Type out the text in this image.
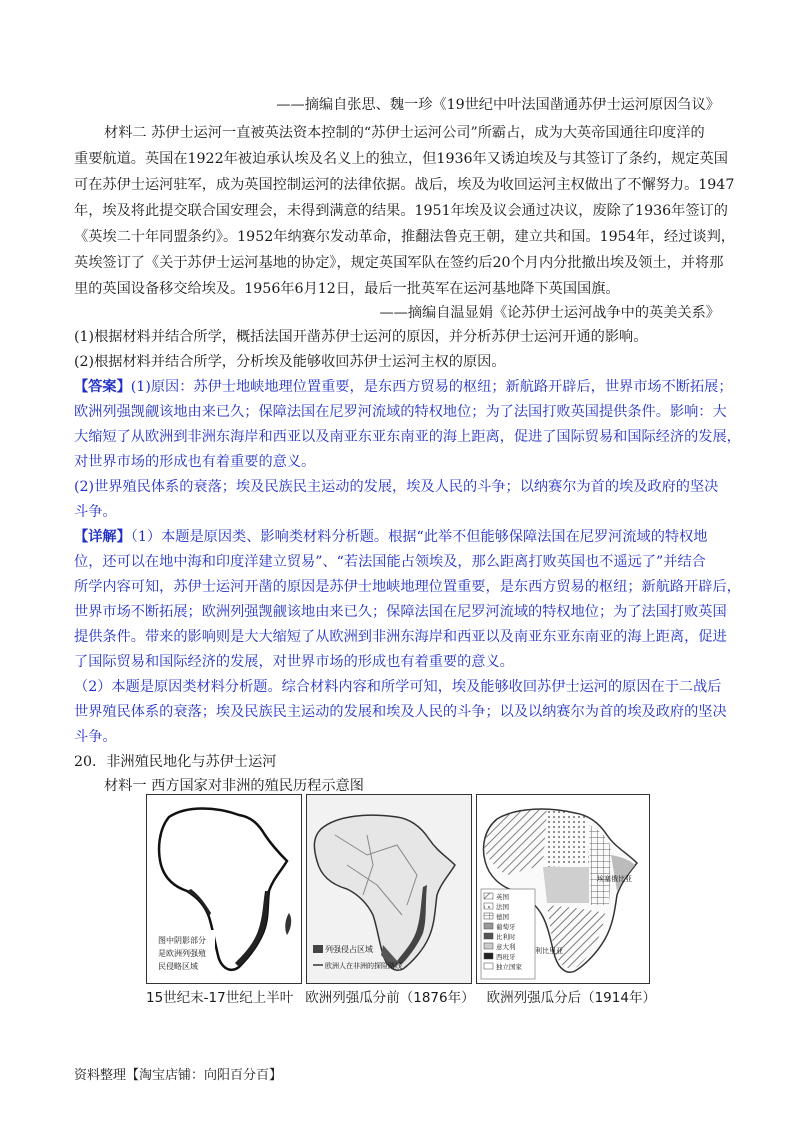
——摘编自张思、魏一珍《19世纪中叶法国凿通苏伊士运河原因刍议》
材料二 苏伊士运河一直被英法资本控制的“苏伊士运河公司”所霸占，成为大英帝国通往印度洋的
重要航道。英国在1922年被迫承认埃及名义上的独立，但1936年又诱迫埃及与其签订了条约，规定英国
可在苏伊士运河驻军，成为英国控制运河的法律依据。战后，埃及为收回运河主权做出了不懈努力。1947
年，埃及将此提交联合国安理会，未得到满意的结果。1951年埃及议会通过决议，废除了1936年签订的
《英埃二十年同盟条约》。1952年纳赛尔发动革命，推翻法鲁克王朝，建立共和国。1954年，经过谈判，
英埃签订了《关于苏伊士运河基地的协定》，规定英国军队在签约后20个月内分批撤出埃及领土，并将那
里的英国设备移交给埃及。1956年6月12日，最后一批英军在运河基地降下英国国旗。
——摘编自温显娟《论苏伊士运河战争中的英美关系》
(1)根据材料并结合所学，概括法国开凿苏伊士运河的原因，并分析苏伊士运河开通的影响。
(2)根据材料并结合所学，分析埃及能够收回苏伊士运河主权的原因。
【答案】(1)原因：苏伊士地峡地理位置重要，是东西方贸易的枢纽；新航路开辟后，世界市场不断拓展；
欧洲列强觊觎该地由来已久；保障法国在尼罗河流域的特权地位；为了法国打败英国提供条件。影响：大
大缩短了从欧洲到非洲东海岸和西亚以及南亚东亚东南亚的海上距离，促进了国际贸易和国际经济的发展，
对世界市场的形成也有着重要的意义。
(2)世界殖民体系的衰落；埃及民族民主运动的发展，埃及人民的斗争；以纳赛尔为首的埃及政府的坚决
斗争。
【详解】（1）本题是原因类、影响类材料分析题。根据“此举不但能够保障法国在尼罗河流域的特权地
位，还可以在地中海和印度洋建立贸易”、“若法国能占领埃及，那么距离打败英国也不遥远了”并结合
所学内容可知，苏伊士运河开凿的原因是苏伊士地峡地理位置重要，是东西方贸易的枢纽；新航路开辟后，
世界市场不断拓展；欧洲列强觊觎该地由来已久；保障法国在尼罗河流域的特权地位；为了法国打败英国
提供条件。带来的影响则是大大缩短了从欧洲到非洲东海岸和西亚以及南亚东亚东南亚的海上距离，促进
了国际贸易和国际经济的发展，对世界市场的形成也有着重要的意义。
（2）本题是原因类材料分析题。综合材料内容和所学可知，埃及能够收回苏伊士运河的原因在于二战后
世界殖民体系的衰落；埃及民族民主运动的发展和埃及人民的斗争；以及以纳赛尔为首的埃及政府的坚决
斗争。
20．非洲殖民地化与苏伊士运河
材料一 西方国家对非洲的殖民历程示意图
图中阴影部分
是欧洲列强殖
民侵略区域
列强侵占区域
欧洲人在非洲的探险路线
埃塞俄比亚
利比里亚
英国
法国
德国
葡萄牙
比利时
意大利
西班牙
独立国家
15世纪末-17世纪上半叶 欧洲列强瓜分前（1876年） 欧洲列强瓜分后（1914年）
资料整理【淘宝店铺：向阳百分百】
